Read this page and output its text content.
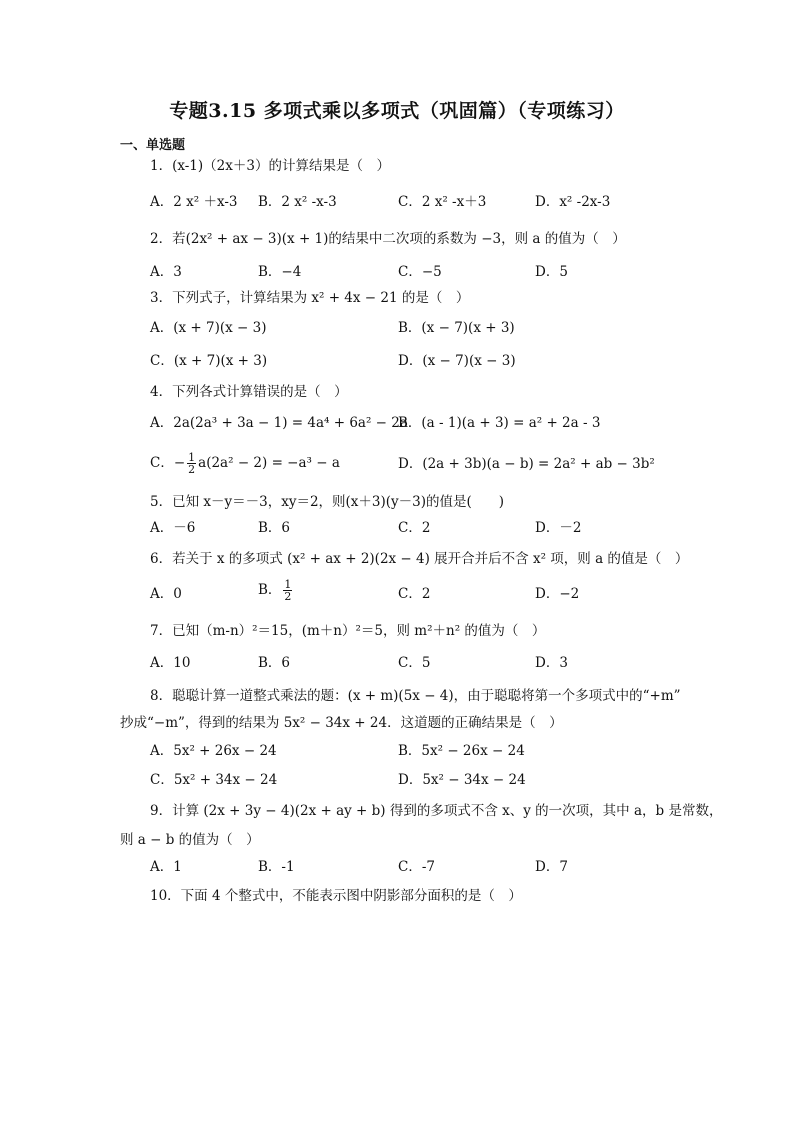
专题3.15 多项式乘以多项式（巩固篇）（专项练习）
一、单选题
1．(x-1)（2x＋3）的计算结果是（　）
A．2 x² ＋x-3 B．2 x² -x-3	C．2 x² -x＋3	D．x² -2x-3
2．若(2x² + ax − 3)(x + 1)的结果中二次项的系数为 −3，则 a 的值为（　）
A．3	B．−4	C．−5	D．5
3．下列式子，计算结果为 x² + 4x − 21 的是（　）
A．(x + 7)(x − 3)	B．(x − 7)(x + 3)
C．(x + 7)(x + 3)	D．(x − 7)(x − 3)
4．下列各式计算错误的是（　）
A．2a(2a³ + 3a − 1) = 4a⁴ + 6a² − 2a
B．(a - 1)(a + 3) = a² + 2a - 3
C．− $\frac{1}{2} a(2a^2 - 2) = -a^3 - a$	D．(2a + 3b)(a − b) = 2a² + ab − 3b²
5．已知 x－y＝－3，xy＝2，则(x＋3)(y－3)的值是(　　)
A．－6	B．6	C．2	D．－2
6．若关于 x 的多项式 (x² + ax + 2)(2x − 4) 展开合并后不含 x² 项，则 a 的值是（　）
A．0	B． $\frac{1}{2}$	C．2	D．−2
7．已知（m-n）²＝15，(m＋n）²＝5，则 m²＋n² 的值为（　）
A．10	B．6	C．5	D．3
8．聪聪计算一道整式乘法的题：(x + m)(5x − 4)，由于聪聪将第一个多项式中的“+m”
抄成“−m”，得到的结果为 5x² − 34x + 24．这道题的正确结果是（　）
A．5x² + 26x − 24	B．5x² − 26x − 24
C．5x² + 34x − 24	D．5x² − 34x − 24
9．计算 (2x + 3y − 4)(2x + ay + b) 得到的多项式不含 x、y 的一次项，其中 a，b 是常数，
则 a − b 的值为（　）
A．1	B．-1	C．-7	D．7
10．下面 4 个整式中，不能表示图中阴影部分面积的是（　）
